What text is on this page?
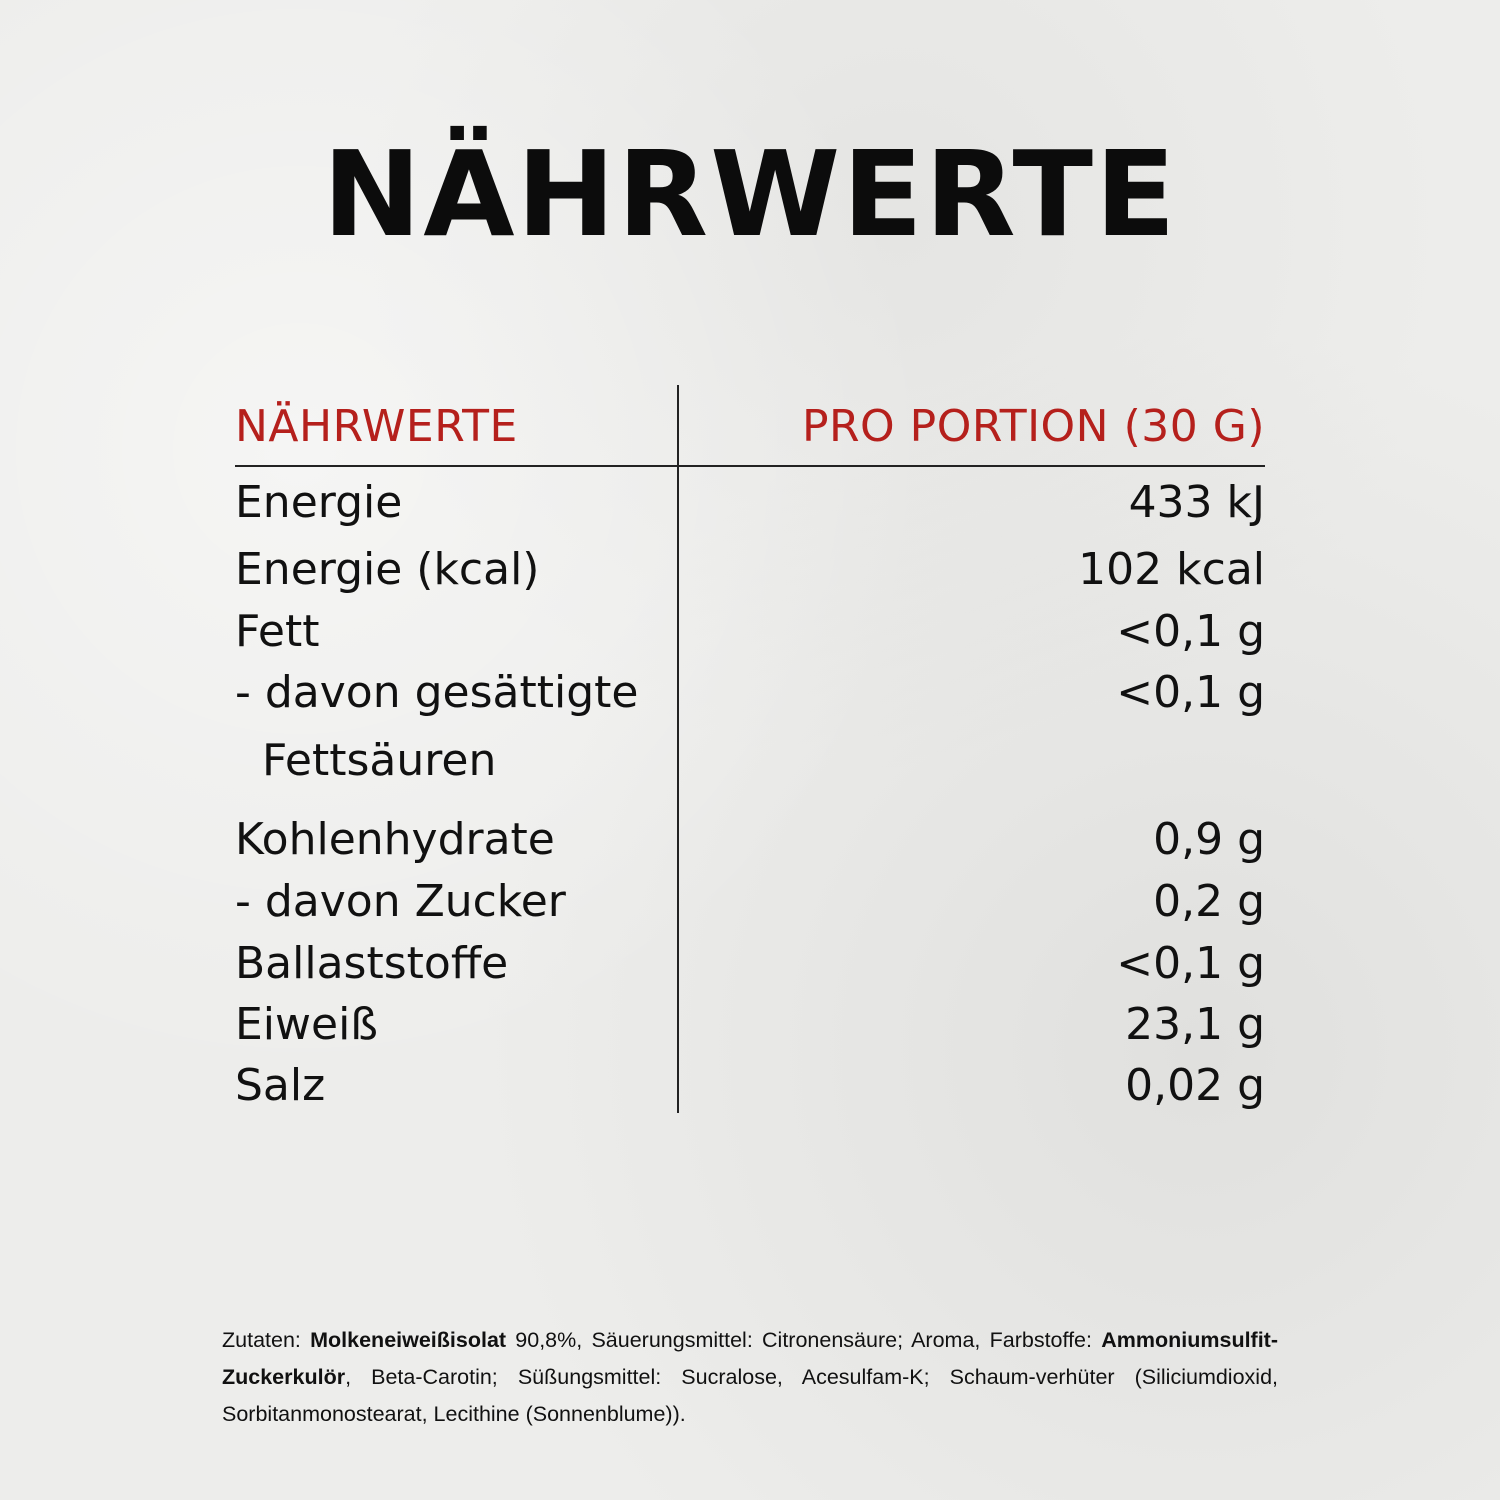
NÄHRWERTE
NÄHRWERTE	PRO PORTION (30 G)
Energie	433 kJ
Energie (kcal)	102 kcal
Fett	<0,1 g
- davon gesättigte	<0,1 g
Fettsäuren
Kohlenhydrate	0,9 g
- davon Zucker	0,2 g
Ballaststoffe	<0,1 g
Eiweiß	23,1 g
Salz	0,02 g
Zutaten: Molkeneiweißisolat 90,8%, Säuerungsmittel: Citronensäure; Aroma, Farbstoffe: Ammoniumsulfit-Zuckerkulör, Beta-Carotin; Süßungsmittel: Sucralose, Acesulfam-K; Schaum-verhüter (Siliciumdioxid, Sorbitanmonostearat, Lecithine (Sonnenblume)).
